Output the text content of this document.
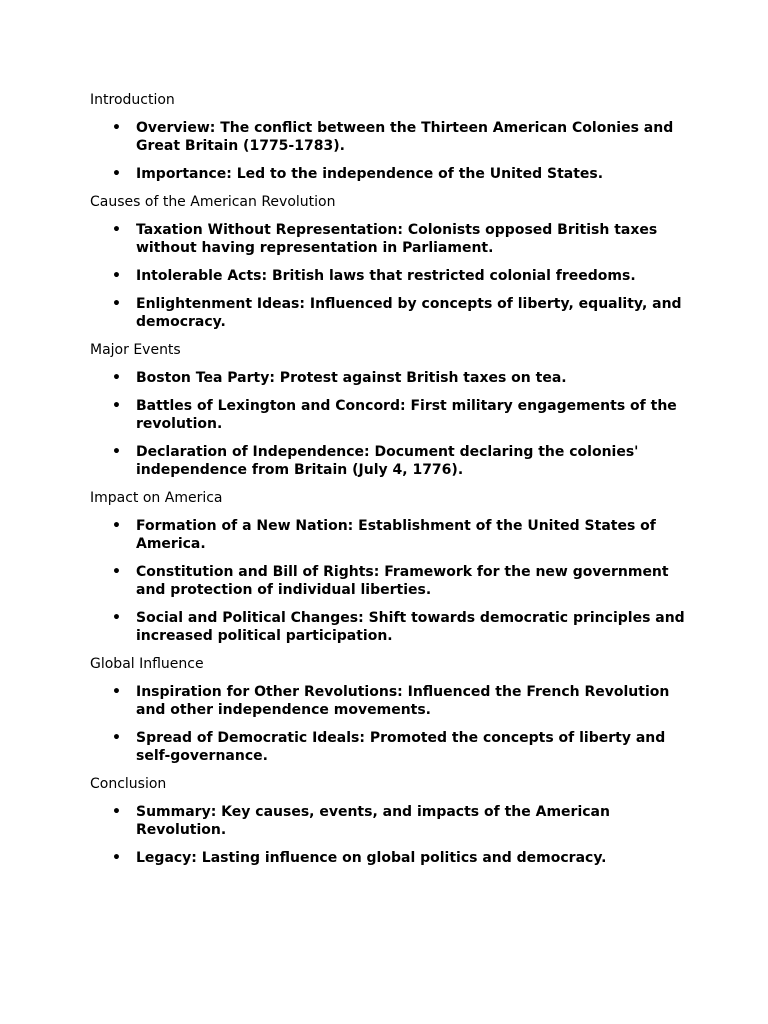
Introduction
• Overview: The conflict between the Thirteen American Colonies and Great Britain (1775-1783).
• Importance: Led to the independence of the United States.
Causes of the American Revolution
• Taxation Without Representation: Colonists opposed British taxes without having representation in Parliament.
• Intolerable Acts: British laws that restricted colonial freedoms.
• Enlightenment Ideas: Influenced by concepts of liberty, equality, and democracy.
Major Events
• Boston Tea Party: Protest against British taxes on tea.
• Battles of Lexington and Concord: First military engagements of the revolution.
• Declaration of Independence: Document declaring the colonies' independence from Britain (July 4, 1776).
Impact on America
• Formation of a New Nation: Establishment of the United States of America.
• Constitution and Bill of Rights: Framework for the new government and protection of individual liberties.
• Social and Political Changes: Shift towards democratic principles and increased political participation.
Global Influence
• Inspiration for Other Revolutions: Influenced the French Revolution and other independence movements.
• Spread of Democratic Ideals: Promoted the concepts of liberty and self-governance.
Conclusion
• Summary: Key causes, events, and impacts of the American Revolution.
• Legacy: Lasting influence on global politics and democracy.
